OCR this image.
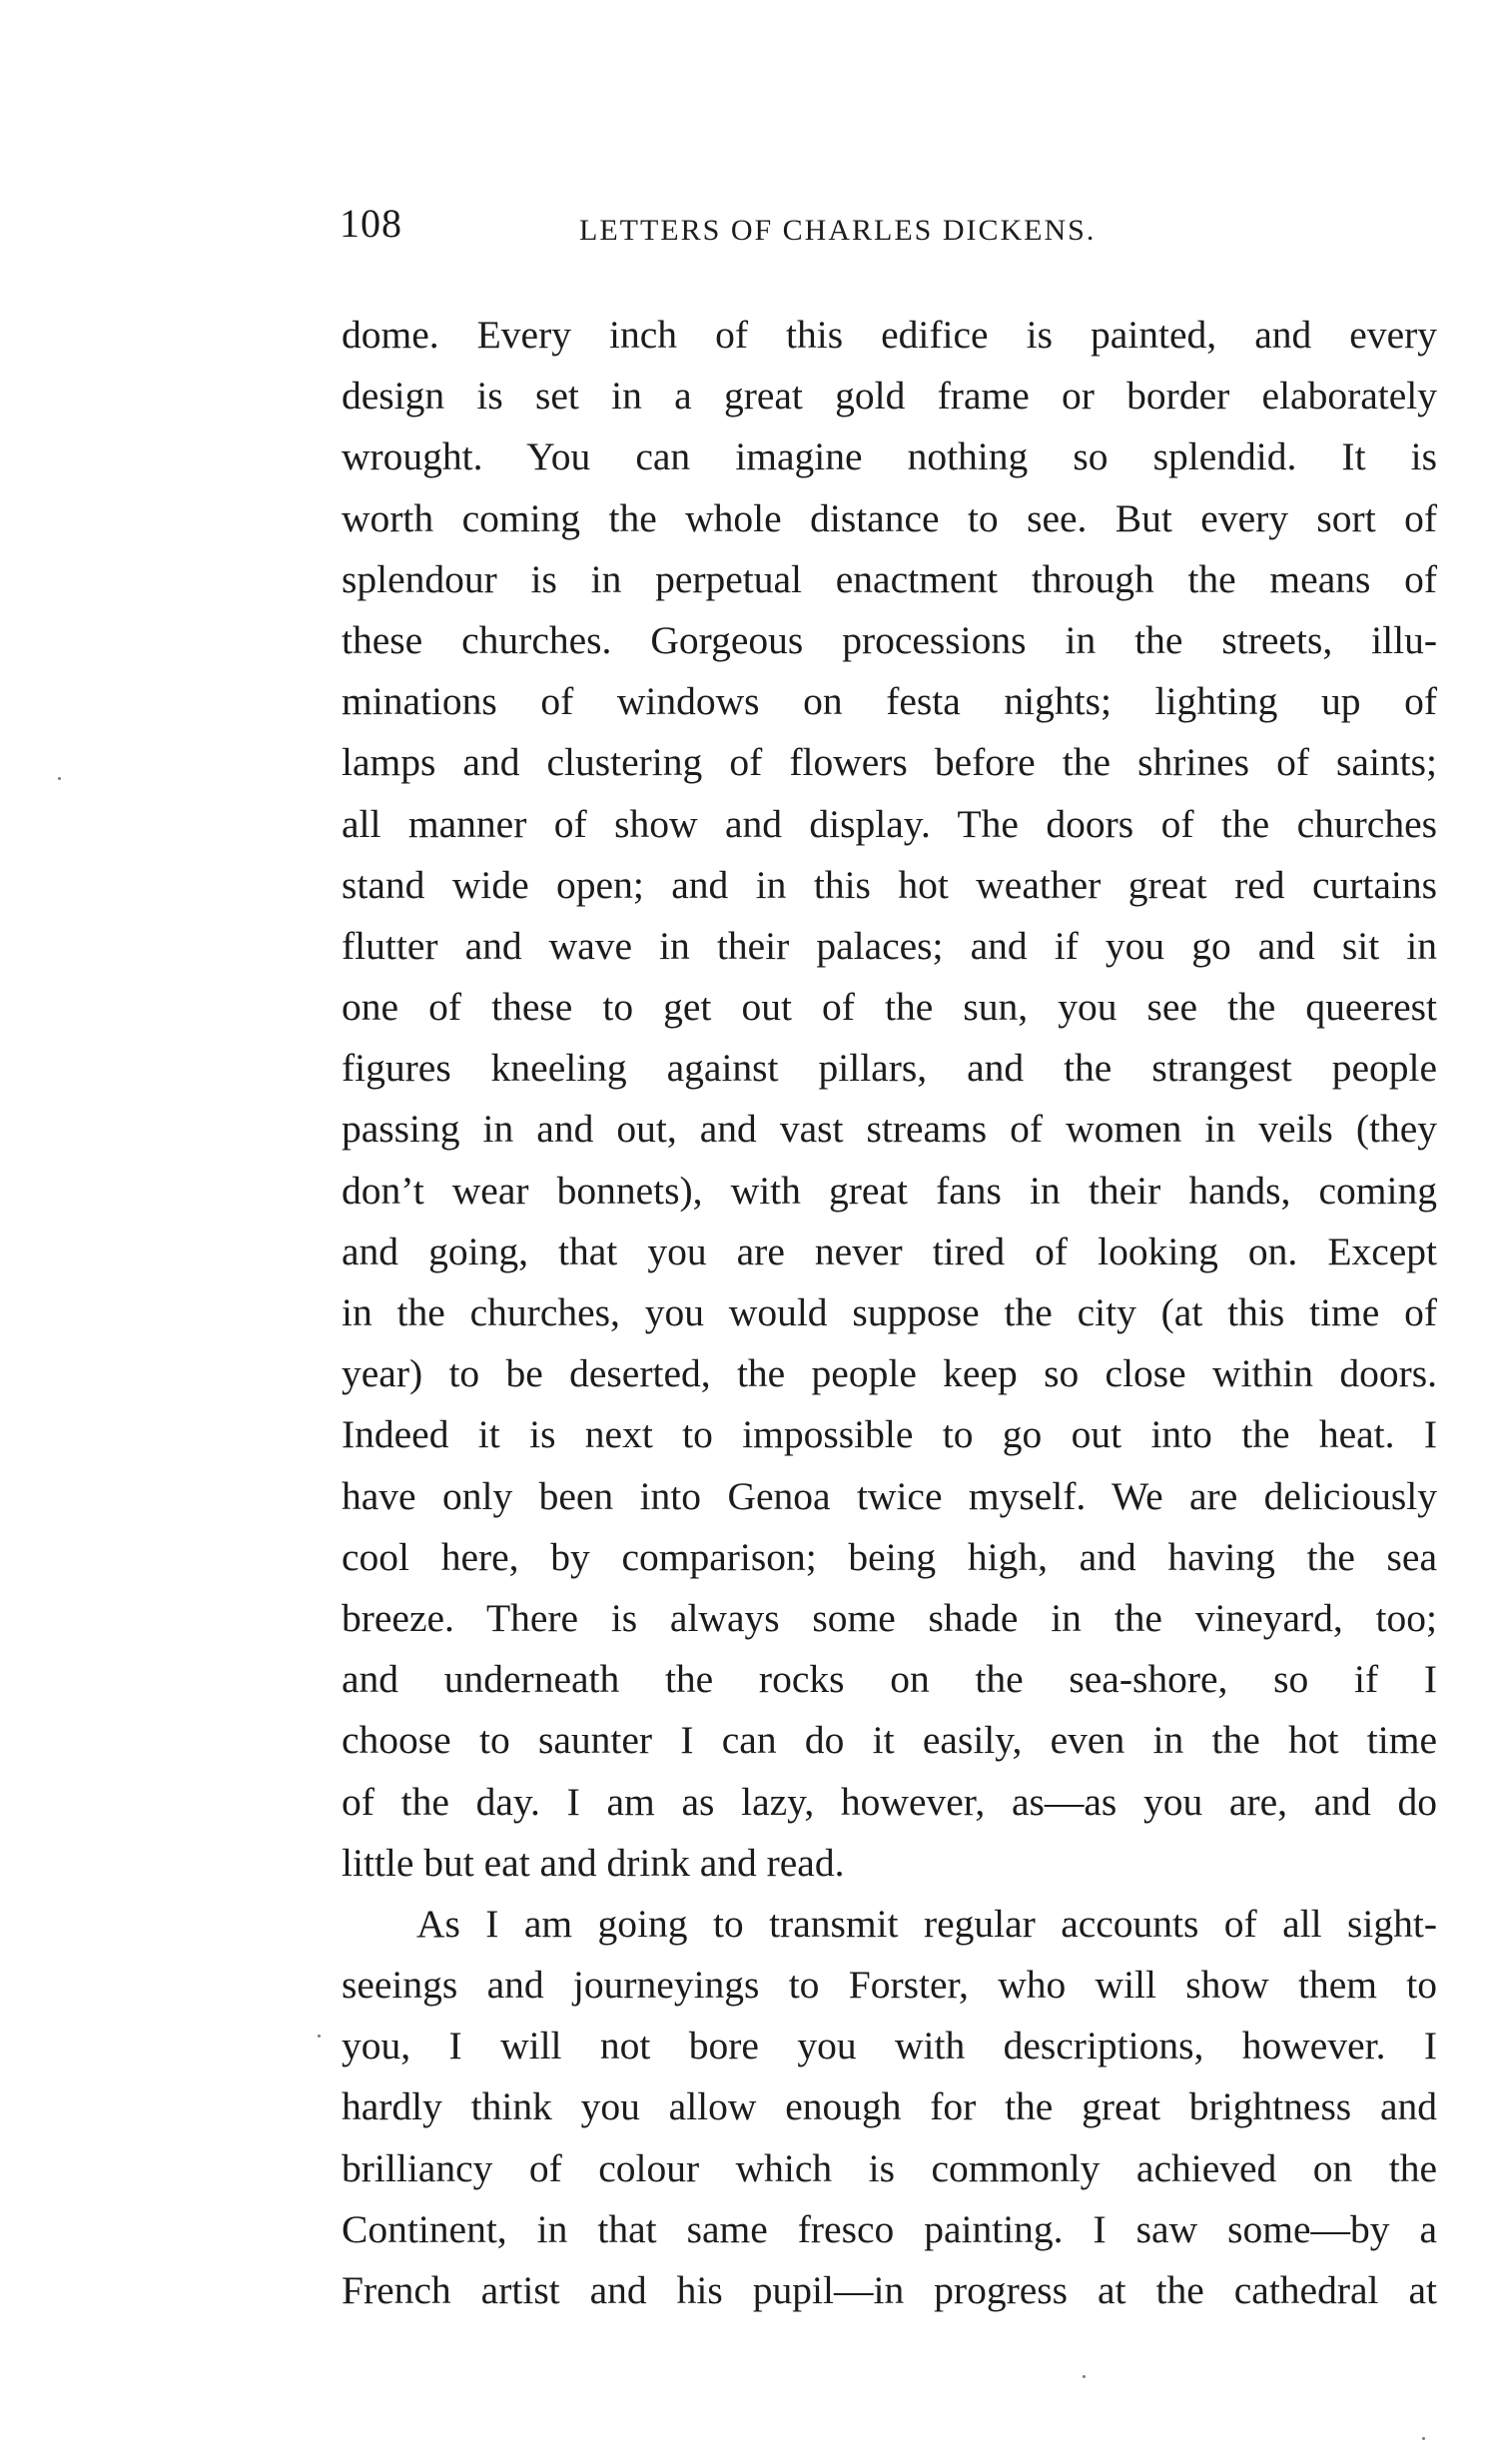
108	LETTERS OF CHARLES DICKENS.
dome. Every inch of this edifice is painted, and every
design is set in a great gold frame or border elaborately
wrought. You can imagine nothing so splendid. It is
worth coming the whole distance to see. But every sort of
splendour is in perpetual enactment through the means of
these churches. Gorgeous processions in the streets, illu-
minations of windows on festa nights; lighting up of
lamps and clustering of flowers before the shrines of saints;
all manner of show and display. The doors of the churches
stand wide open; and in this hot weather great red curtains
flutter and wave in their palaces; and if you go and sit in
one of these to get out of the sun, you see the queerest
figures kneeling against pillars, and the strangest people
passing in and out, and vast streams of women in veils (they
don’t wear bonnets), with great fans in their hands, coming
and going, that you are never tired of looking on. Except
in the churches, you would suppose the city (at this time of
year) to be deserted, the people keep so close within doors.
Indeed it is next to impossible to go out into the heat. I
have only been into Genoa twice myself. We are deliciously
cool here, by comparison; being high, and having the sea
breeze. There is always some shade in the vineyard, too;
and underneath the rocks on the sea-shore, so if I
choose to saunter I can do it easily, even in the hot time
of the day. I am as lazy, however, as—as you are, and do
little but eat and drink and read.
As I am going to transmit regular accounts of all sight-
seeings and journeyings to Forster, who will show them to
you, I will not bore you with descriptions, however. I
hardly think you allow enough for the great brightness and
brilliancy of colour which is commonly achieved on the
Continent, in that same fresco painting. I saw some—by a
French artist and his pupil—in progress at the cathedral at
